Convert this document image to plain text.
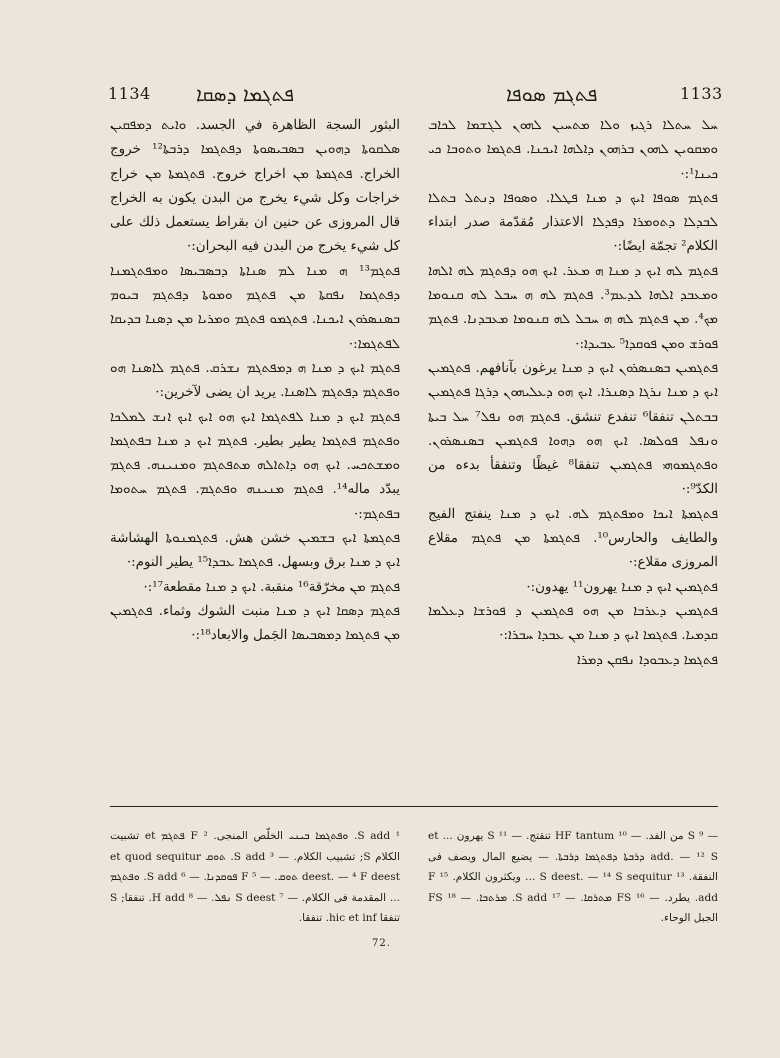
1134 ܦܬܓܡܐ ܕܣܩܐ	ܦܬܓܡ ܣܘܦܐ	1133

ܚܠ ܚܬܠܐ ܪܓܝܙ ܘܠܐ ܡܬܚܝܢ ܠܗܘܢ ܠܓܫܡܐ ܠܟܐܒ ܘܡܩܘܝܢ ܠܗܘܢ ܒܪܗܘܢ ܕܐܠܗܐ ܐܝܟܢܐ. ܦܬܓܡܐ ܘܬܘܒܐ ܟܝ ܟܝܢܐ¹:·

ܦܬܓܡ ܣܘܦܐ ܐܝܟ ܕ ܡܢܐ ܦܛܠܐ. ܘܣܘܦܐ ܕܢܬܠ ܒܬܠܐ ܠܒܕܠܐ ܕܬܘܡܪܐ ܕܦܕܠܐ الاعتذار مُقدّمة صدر ابتداء الكلام² تجمّة ايضًا:·

ܦܬܓܡ ܠܗ ܐܝܟ ܕ ܡܢܐ ܗ ܡܥܪ. ܐܝܟ ܗܘ ܕܦܬܓܡ ܠܗ ܐܠܗܐ ܘܡܥܒܕ ܐܠܗܐ ܠܕܥܡ³. ܦܬܓܡ ܠܗ ܗ ܚܒܠ ܠܗ ܩܢܘܡܐ ܡܟ⁴. ܡܢ ܦܬܓܡ ܠܗ ܗ ܚܒܠ ܠܗ ܩܢܘܡܐ ܡܥܒܕܢܐ. ܦܬܓܡ ܦܘܪܫ ܘܡܢ ܦܘܩܕܐ⁵ ܥܒܝܕܐ:·

ܦܬܓܡܝܢ ܒܣܢܣܪܘܢ ܐܝܟ ܕ ܡܢܐ يرغون بآنافهم. ܦܬܓܡܝܢ ܐܝܟ ܕ ܡܢܐ ܢܪܓܐ ܕܣܢܪܐ. ܐܝܟ ܗܘ ܕܥܠܝܗܘܢ ܕܪܓܐ ܦܬܓܡܝܢ ܒܒܬܠܢ تنفقا⁶ تنفدع تنشق. ܦܬܓܡ ܗܘ ܢܦܠ⁷ ܚܠ ܒܝܬܐ ܘܢܦܠ ܦܘܠܣܐ. ܐܝܟ ܗܘ ܕܗܘܐ ܦܬܓܡܝܢ ܒܣܢܣܪܘܢ. ܘܦܬܓܡܘܗܝ ܦܬܓܡܝܢ تنفقا⁸ غيظًا وتنفقأ بدءه من الكدّ⁹:·

ܦܬܓܡܬܐ ܐܝܟܐ ܘܡܦܬܓܡ ܠܗ. ܐܝܟ ܕ ܡܢܐ ينفتج الفيج والطايف والحارس¹⁰. ܦܬܓܡܬܐ ܡܢ ܦܬܓܡ مقلاع المروزى مقلاع:·

ܦܬܓܡܝܢ ܐܝܟ ܕ ܡܢܐ يهرون¹¹ يهدون:·

ܦܬܓܡܝܢ ܕܥܪܒܐ ܡܢ ܗܘ ܦܬܓܡܝܢ ܕ ܦܘܪܫܐ ܕܥܠܡܐ ܩܕܡܝܐ. ܦܬܓܡܐ ܐܝܟ ܕ ܡܢܐ ܡܢ ܥܒܕܐ ܚܒܪܐ:·

ܦܬܓܡܐ ܕܥܒܘܕܐ ܢܦܩܢ ܕܡܪܐ

البثور السجة الظاهرة في الجسد. ܘܐܝܬ ܕܡܦܩܝܢ ܣܠܩܘܬܐ ܕܗܘܝܢ ܒܣܒܝܣܘܬܐ ܕܦܬܓܡܐ ܕܪܒܬܐ¹² خروج الخراج. ܦܬܓܡܬܐ ܡܢ اخراج خروج. ܦܬܓܡܬܐ ܡܢ خراج خراجات وكل شيء يخرج من البدن يكون به الخراج قال المروزى عن حنين ان بقراط يستعمل ذلك على كل شيء يخرج من البدن فيه البحران:·

ܦܬܓܡ¹³ ܗ ܡܢܐ ܠܡ ܣܢܐܬܐ ܕܒܣܒܝܣܐ ܘܡܦܬܓܡܢܐ ܕܦܬܓܡܐ ܢܦܩܬܐ ܡܢ ܦܬܓܡ ܘܡܘܬܐ ܕܦܬܓܡ ܒܝܘܡ ܒܣܢܣܪܘܢ ܐܝܟܢܐ. ܦܬܓܡܘ ܦܬܓܡ ܘܡܪܝܐ ܡܢ ܕܣܢܐ ܒܕܝܩܐ ܠܦܬܓܡܐ:·

ܦܬܓܡ ܐܝܟ ܕ ܡܢܐ ܗ ܕܡܦܬܓܡ ܢܫܪܩ. ܦܬܓܡ ܠܐܣܢܐ ܗܘ ܘܦܬܓܡ ܕܦܬܓܡ ܠܐܣܢܐ. يريد ان يضى لآخرين:·

ܦܬܓܡ ܐܝܟ ܕ ܡܢܐ ܠܦܬܓܡܐ ܐܝܟ ܗܘ ܐܝܟ ܐܝܟ ܐܢܫ ܠܡܠܟܐ ܘܦܬܓܡ ܦܬܓܡܐ يطير بطير. ܦܬܓܡ ܐܝܟ ܕ ܡܢܐ ܒܦܬܓܡܐ ܘܡܫܬܟܚ. ܐܝܟ ܗܘ ܕܐܬܐܠܗ ܡܬܦܬܓܡ ܘܡܢܝܢܗ. ܦܬܓܡ يبدّد ماله¹⁴. ܦܬܓܡ ܡܢܝܢܗ ܘܦܬܓܡ. ܦܬܓܡ ܚܬܘܡܐ ܒܦܬܓܡ:·

ܦܬܓܡܬܐ ܐܝܟ ܒܫܡܝܢ خشن هش. ܦܬܓܡܢܘܬܐ الهشاشة ܐܝܟ ܕ ܡܢܐ برق وبسهل. ܦܬܓܡܐ ܥܒܕܐ¹⁵ يطير النوم:·

ܦܬܓܡ ܡܢ مخرّقة¹⁶ منقبة. ܐܝܟ ܕ ܡܢܐ مقطعة¹⁷:·

ܦܬܓܡ ܕܣܩܐ ܐܝܟ ܕ ܡܢܐ منبت الشوك وثماء. ܦܬܓܡܝܢ ܡܢ ܦܬܓܡܐ ܕܡܣܒܝܣܐ الجَمل والابعاد¹⁸:·

¹ S add. ܘܦܬܓܡܐ ܒܝܢܝ الخلّص المنجى. ² F ܦܬܓܡ et تشبيت الكلام S; تشبيب الكلام. — ³ S add. ܬܘܩ et quod sequitur deest. — ⁴ F deest ܬܘܩ. — ⁵ F ܦܘܩܕܢܐ. — ⁶ S add. ܘܦܬܓܡ ... المقدمة فى الكلام. — ⁷ S deest ܢܦܠ. — ⁸ H add. تنفقا; S تنفقا hic et inf. تنفقا.
— ⁹ S من الفد. — ¹⁰ HF tantum تنقتج. — ¹¹ S يهرون et ... add. — ¹² S ܕܪܒܬܐ ܕܦܬܓܡܐ ܕܪܒܬܐ. — يضيع المال ويصف فى النفقة. ¹³ S deest. — ¹⁴ S sequitur ... ويكثرون الكلام. ¹⁵ F add. يطرد. — ¹⁶ FS ܡܬܪܩܐ. — ¹⁷ S add. ܡܪܬܒܐ. — ¹⁸ FS الجبل الوحاء.
72.
